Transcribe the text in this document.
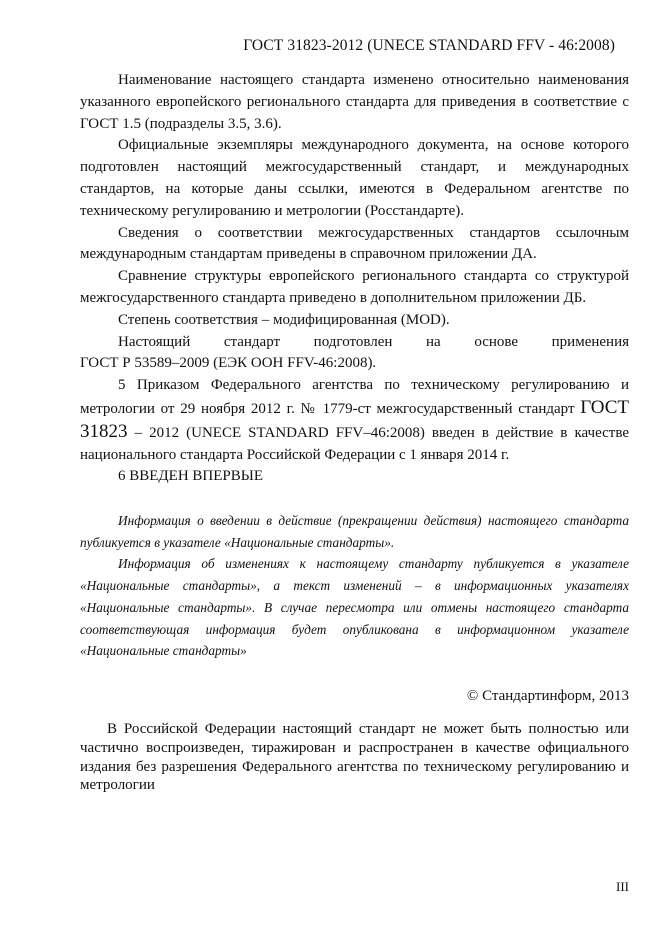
ГОСТ 31823-2012 (UNECE STANDARD FFV - 46:2008)

Наименование настоящего стандарта изменено относительно наименования указанного европейского регионального стандарта для приведения в соответствие с ГОСТ 1.5 (подразделы 3.5, 3.6).

Официальные экземпляры международного документа, на основе которого подготовлен настоящий межгосударственный стандарт, и международных стандартов, на которые даны ссылки, имеются в Федеральном агентстве по техническому регулированию и метрологии (Росстандарте).

Сведения о соответствии межгосударственных стандартов ссылочным международным стандартам приведены в справочном приложении ДА.

Сравнение структуры европейского регионального стандарта со структурой межгосударственного стандарта приведено в дополнительном приложении ДБ.

Степень соответствия – модифицированная (MOD).

Настоящий стандарт подготовлен на основе применения

ГОСТ Р 53589–2009 (ЕЭК ООН FFV-46:2008).

5 Приказом Федерального агентства по техническому регулированию и метрологии от 29 ноября 2012 г. № 1779-ст межгосударственный стандарт ГОСТ 31823 – 2012 (UNECE STANDARD FFV–46:2008) введен в действие в качестве национального стандарта Российской Федерации с 1 января 2014 г.

6 ВВЕДЕН ВПЕРВЫЕ

Информация о введении в действие (прекращении действия) настоящего стандарта публикуется в указателе «Национальные стандарты».

Информация об изменениях к настоящему стандарту публикуется в указателе «Национальные стандарты», а текст изменений – в информационных указателях «Национальные стандарты». В случае пересмотра или отмены настоящего стандарта соответствующая информация будет опубликована в информационном указателе «Национальные стандарты»

© Стандартинформ, 2013

В Российской Федерации настоящий стандарт не может быть полностью или частично воспроизведен, тиражирован и распространен в качестве официального издания без разрешения Федерального агентства по техническому регулированию и метрологии

III
